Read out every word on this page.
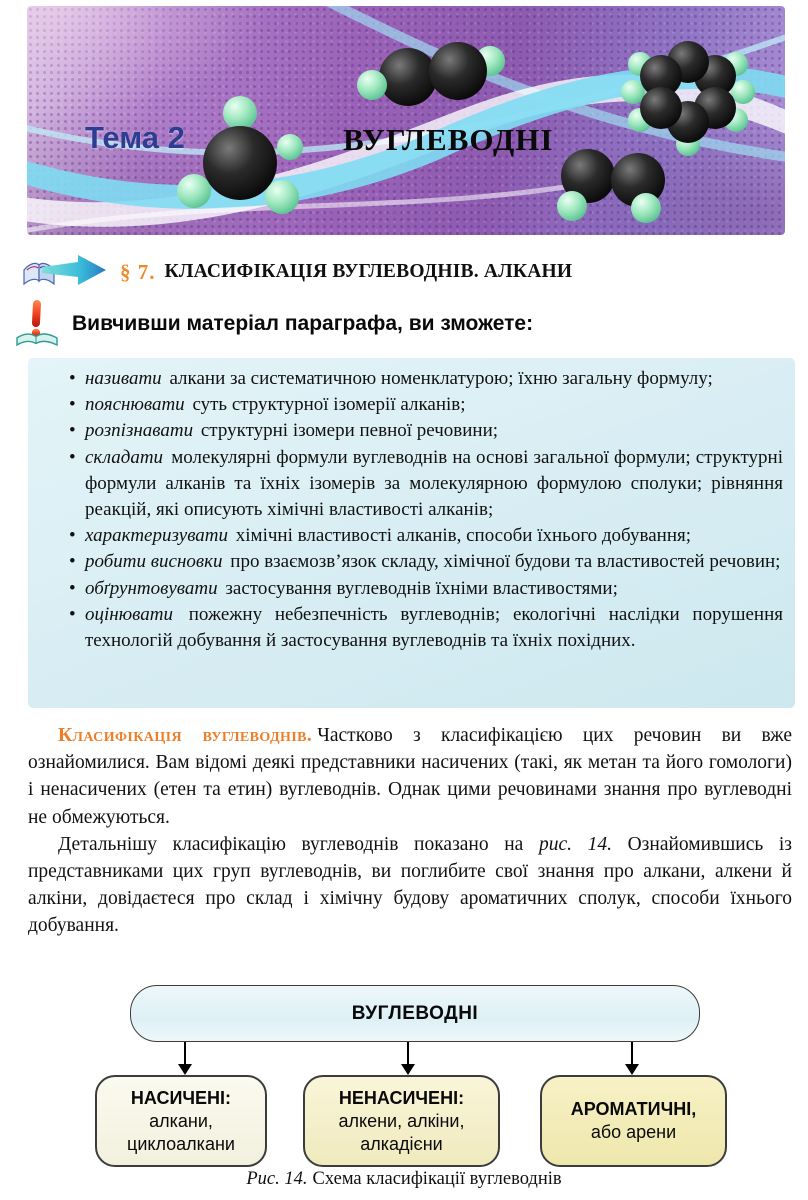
Тема 2	ВУГЛЕВОДНІ
§ 7. КЛАСИФІКАЦІЯ ВУГЛЕВОДНІВ. АЛКАНИ
Вивчивши матеріал параграфа, ви зможете:
• називати алкани за систематичною номенклатурою; їхню загальну формулу;
• пояснювати суть структурної ізомерії алканів;
• розпізнавати структурні ізомери певної речовини;
• складати молекулярні формули вуглеводнів на основі загальної формули; структурні формули алканів та їхніх ізомерів за молекулярною формулою сполуки; рівняння реакцій, які описують хімічні властивості алканів;
• характеризувати хімічні властивості алканів, способи їхнього добування;
• робити висновки про взаємозв’язок складу, хімічної будови та властивостей речовин;
• обґрунтовувати застосування вуглеводнів їхніми властивостями;
• оцінювати пожежну небезпечність вуглеводнів; екологічні наслідки порушення технологій добування й застосування вуглеводнів та їхніх похідних.

Класифікація вуглеводнів. Частково з класифікацією цих речовин ви вже ознайомилися. Вам відомі деякі представники насичених (такі, як метан та його гомологи) і ненасичених (етен та етин) вуглеводнів. Однак цими речовинами знання про вуглеводні не обмежуються.

Детальнішу класифікацію вуглеводнів показано на рис. 14. Ознайомившись із представниками цих груп вуглеводнів, ви поглибите свої знання про алкани, алкени й алкіни, довідаєтеся про склад і хімічну будову ароматичних сполук, способи їхнього добування.

ВУГЛЕВОДНІ
НАСИЧЕНІ:
алкани,
циклоалкани
НЕНАСИЧЕНІ:
алкени, алкіни,
алкадієни
АРОМАТИЧНІ,
або арени
Рис. 14. Схема класифікації вуглеводнів
